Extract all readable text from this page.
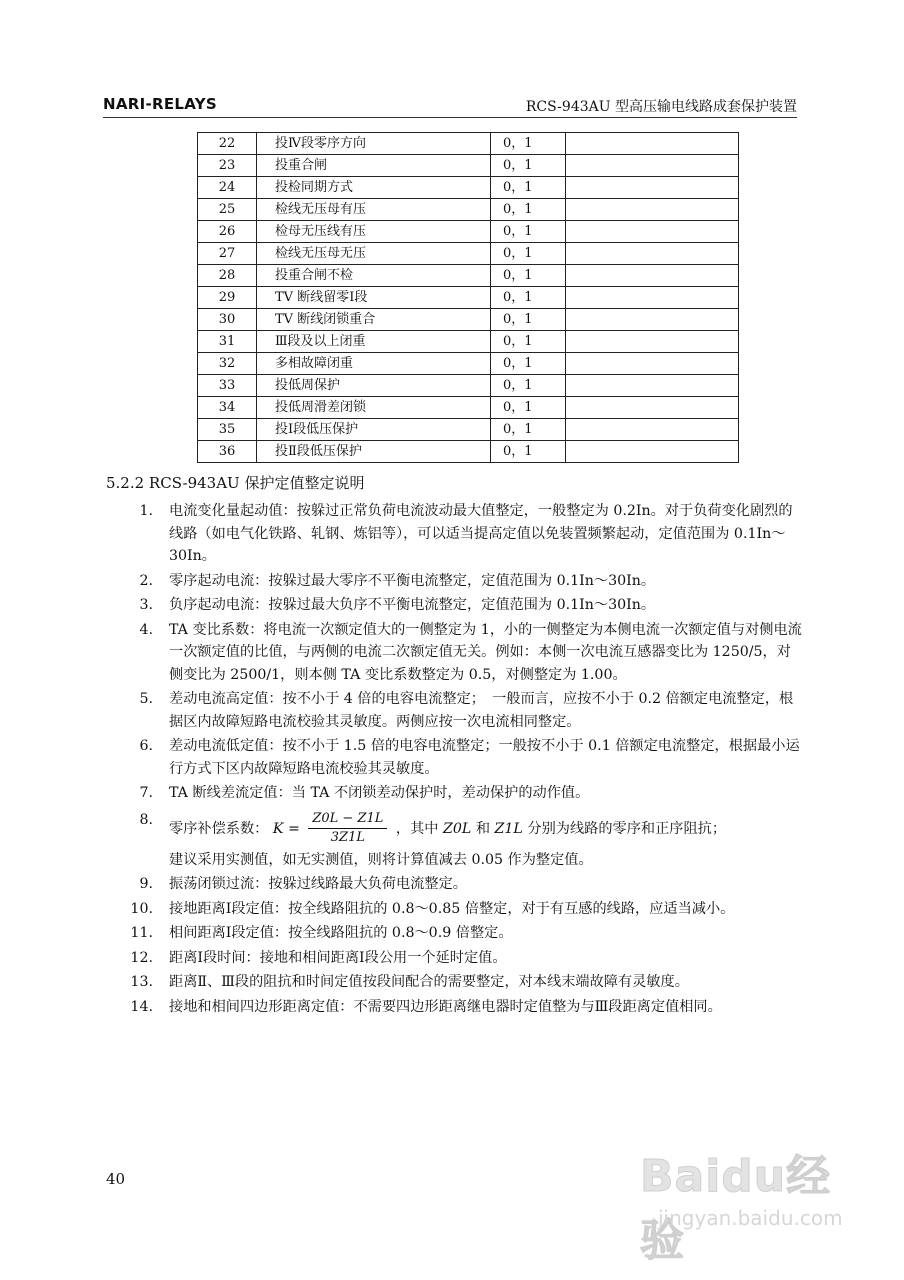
NARI-RELAYS	RCS-943AU 型高压输电线路成套保护装置
22	投Ⅳ段零序方向	0，1	
23	投重合闸	0，1	
24	投检同期方式	0，1	
25	检线无压母有压	0，1	
26	检母无压线有压	0，1	
27	检线无压母无压	0，1	
28	投重合闸不检	0，1	
29	TV 断线留零Ⅰ段	0，1	
30	TV 断线闭锁重合	0，1	
31	Ⅲ段及以上闭重	0，1	
32	多相故障闭重	0，1	
33	投低周保护	0，1	
34	投低周滑差闭锁	0，1	
35	投Ⅰ段低压保护	0，1	
36	投Ⅱ段低压保护	0，1	
5.2.2 RCS-943AU 保护定值整定说明
1. 电流变化量起动值：按躲过正常负荷电流波动最大值整定，一般整定为 0.2In。对于负荷变化剧烈的线路（如电气化铁路、轧钢、炼铝等），可以适当提高定值以免装置频繁起动，定值范围为 0.1In～30In。
2. 零序起动电流：按躲过最大零序不平衡电流整定，定值范围为 0.1In～30In。
3. 负序起动电流：按躲过最大负序不平衡电流整定，定值范围为 0.1In～30In。
4. TA 变比系数：将电流一次额定值大的一侧整定为 1，小的一侧整定为本侧电流一次额定值与对侧电流一次额定值的比值，与两侧的电流二次额定值无关。例如：本侧一次电流互感器变比为 1250/5，对侧变比为 2500/1，则本侧 TA 变比系数整定为 0.5，对侧整定为 1.00。
5. 差动电流高定值：按不小于 4 倍的电容电流整定；　一般而言，应按不小于 0.2 倍额定电流整定，根据区内故障短路电流校验其灵敏度。两侧应按一次电流相同整定。
6. 差动电流低定值：按不小于 1.5 倍的电容电流整定；一般按不小于 0.1 倍额定电流整定，根据最小运行方式下区内故障短路电流校验其灵敏度。
7. TA 断线差流定值：当 TA 不闭锁差动保护时，差动保护的动作值。
8.
零序补偿系数： $K = \frac{Z0L - Z1L}{3Z1L}$ ，其中 Z0L 和 Z1L 分别为线路的零序和正序阻抗；
建议采用实测值，如无实测值，则将计算值减去 0.05 作为整定值。
9. 振荡闭锁过流：按躲过线路最大负荷电流整定。
10. 接地距离Ⅰ段定值：按全线路阻抗的 0.8～0.85 倍整定，对于有互感的线路，应适当减小。
11. 相间距离Ⅰ段定值：按全线路阻抗的 0.8～0.9 倍整定。
12. 距离Ⅰ段时间：接地和相间距离Ⅰ段公用一个延时定值。
13. 距离Ⅱ、Ⅲ段的阻抗和时间定值按段间配合的需要整定，对本线末端故障有灵敏度。
14. 接地和相间四边形距离定值：不需要四边形距离继电器时定值整为与Ⅲ段距离定值相同。
40	Baidu经验
jingyan.baidu.com
